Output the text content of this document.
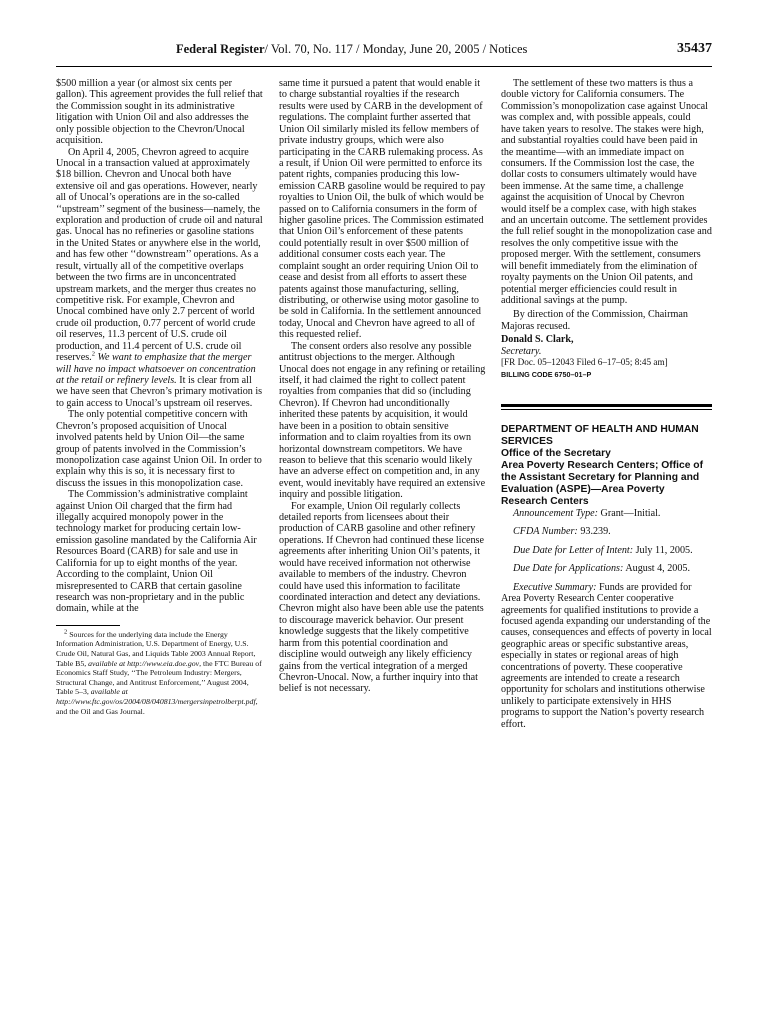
Federal Register/ Vol. 70, No. 117 / Monday, June 20, 2005 / Notices	35437

$500 million a year (or almost six cents per gallon). This agreement provides the full relief that the Commission sought in its administrative litigation with Union Oil and also addresses the only possible objection to the Chevron/Unocal acquisition.

On April 4, 2005, Chevron agreed to acquire Unocal in a transaction valued at approximately $18 billion. Chevron and Unocal both have extensive oil and gas operations. However, nearly all of Unocal’s operations are in the so-called ‘‘upstream’’ segment of the business—namely, the exploration and production of crude oil and natural gas. Unocal has no refineries or gasoline stations in the United States or anywhere else in the world, and has few other ‘‘downstream’’ operations. As a result, virtually all of the competitive overlaps between the two firms are in unconcentrated upstream markets, and the merger thus creates no competitive risk. For example, Chevron and Unocal combined have only 2.7 percent of world crude oil production, 0.77 percent of world crude oil reserves, 11.3 percent of U.S. crude oil production, and 11.4 percent of U.S. crude oil reserves.$^2$ We want to emphasize that the merger will have no impact whatsoever on concentration at the retail or refinery levels. It is clear from all we have seen that Chevron’s primary motivation is to gain access to Unocal’s upstream oil reserves.

The only potential competitive concern with Chevron’s proposed acquisition of Unocal involved patents held by Union Oil—the same group of patents involved in the Commission’s monopolization case against Union Oil. In order to explain why this is so, it is necessary first to discuss the issues in this monopolization case.

The Commission’s administrative complaint against Union Oil charged that the firm had illegally acquired monopoly power in the technology market for producing certain low-emission gasoline mandated by the California Air Resources Board (CARB) for sale and use in California for up to eight months of the year. According to the complaint, Union Oil misrepresented to CARB that certain gasoline research was non-proprietary and in the public domain, while at the

$^2$ Sources for the underlying data include the Energy Information Administration, U.S. Department of Energy, U.S. Crude Oil, Natural Gas, and Liquids Table 2003 Annual Report, Table B5, available at http://www.eia.doe.gov, the FTC Bureau of Economics Staff Study, ‘‘The Petroleum Industry: Mergers, Structural Change, and Antitrust Enforcement,’’ August 2004, Table 5–3, available at http://www.ftc.gov/os/2004/08/040813/mergersinpetrolberpt.pdf, and the Oil and Gas Journal.

same time it pursued a patent that would enable it to charge substantial royalties if the research results were used by CARB in the development of regulations. The complaint further asserted that Union Oil similarly misled its fellow members of private industry groups, which were also participating in the CARB rulemaking process. As a result, if Union Oil were permitted to enforce its patent rights, companies producing this low-emission CARB gasoline would be required to pay royalties to Union Oil, the bulk of which would be passed on to California consumers in the form of higher gasoline prices. The Commission estimated that Union Oil’s enforcement of these patents could potentially result in over $500 million of additional consumer costs each year. The complaint sought an order requiring Union Oil to cease and desist from all efforts to assert these patents against those manufacturing, selling, distributing, or otherwise using motor gasoline to be sold in California. In the settlement announced today, Unocal and Chevron have agreed to all of this requested relief.

The consent orders also resolve any possible antitrust objections to the merger. Although Unocal does not engage in any refining or retailing itself, it had claimed the right to collect patent royalties from companies that did so (including Chevron). If Chevron had unconditionally inherited these patents by acquisition, it would have been in a position to obtain sensitive information and to claim royalties from its own horizontal downstream competitors. We have reason to believe that this scenario would likely have an adverse effect on competition and, in any event, would inevitably have required an extensive inquiry and possible litigation.

For example, Union Oil regularly collects detailed reports from licensees about their production of CARB gasoline and other refinery operations. If Chevron had continued these license agreements after inheriting Union Oil’s patents, it would have received information not otherwise available to members of the industry. Chevron could have used this information to facilitate coordinated interaction and detect any deviations. Chevron might also have been able use the patents to discourage maverick behavior. Our present knowledge suggests that the likely competitive harm from this potential coordination and discipline would outweigh any likely efficiency gains from the vertical integration of a merged Chevron-Unocal. Now, a further inquiry into that belief is not necessary.

The settlement of these two matters is thus a double victory for California consumers. The Commission’s monopolization case against Unocal was complex and, with possible appeals, could have taken years to resolve. The stakes were high, and substantial royalties could have been paid in the meantime—with an immediate impact on consumers. If the Commission lost the case, the dollar costs to consumers ultimately would have been immense. At the same time, a challenge against the acquisition of Unocal by Chevron would itself be a complex case, with high stakes and an uncertain outcome. The settlement provides the full relief sought in the monopolization case and resolves the only competitive issue with the proposed merger. With the settlement, consumers will benefit immediately from the elimination of royalty payments on the Union Oil patents, and potential merger efficiencies could result in additional savings at the pump.

By direction of the Commission, Chairman Majoras recused.

Donald S. Clark,

Secretary.

[FR Doc. 05–12043 Filed 6–17–05; 8:45 am]

BILLING CODE 6750–01–P

DEPARTMENT OF HEALTH AND HUMAN SERVICES

Office of the Secretary

Area Poverty Research Centers; Office of the Assistant Secretary for Planning and Evaluation (ASPE)—Area Poverty Research Centers

Announcement Type: Grant—Initial.

CFDA Number: 93.239.

Due Date for Letter of Intent: July 11, 2005.

Due Date for Applications: August 4, 2005.

Executive Summary: Funds are provided for Area Poverty Research Center cooperative agreements for qualified institutions to provide a focused agenda expanding our understanding of the causes, consequences and effects of poverty in local geographic areas or specific substantive areas, especially in states or regional areas of high concentrations of poverty. These cooperative agreements are intended to create a research opportunity for scholars and institutions otherwise unlikely to participate extensively in HHS programs to support the Nation’s poverty research effort.
